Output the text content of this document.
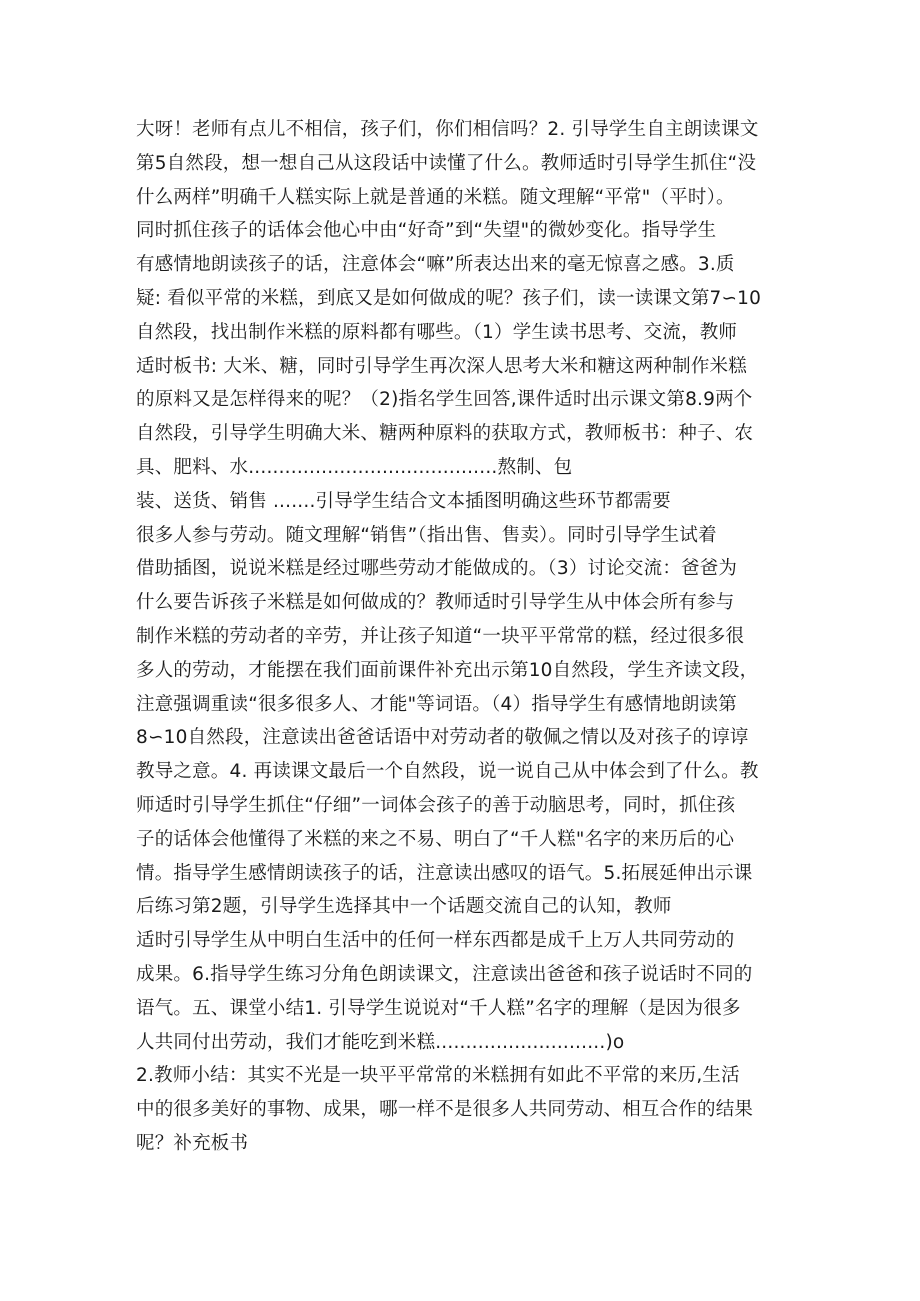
大呀！老师有点儿不相信，孩子们，你们相信吗？2. 引导学生自主朗读课文
第5自然段，想一想自己从这段话中读懂了什么。教师适时引导学生抓住“没
什么两样”明确千人糕实际上就是普通的米糕。随文理解“平常"（平时）。
同时抓住孩子的话体会他心中由“好奇”到“失望"的微妙变化。指导学生
有感情地朗读孩子的话，注意体会“嘛”所表达出来的毫无惊喜之感。3.质
疑: 看似平常的米糕，到底又是如何做成的呢？孩子们，读一读课文第7∽10
自然段，找出制作米糕的原料都有哪些。（1）学生读书思考、交流，教师
适时板书: 大米、糖，同时引导学生再次深人思考大米和糖这两种制作米糕
的原料又是怎样得来的呢？（2)指名学生回答,课件适时出示课文第8.9两个
自然段，引导学生明确大米、糖两种原料的获取方式，教师板书：种子、农
具、肥料、水.........................................熬制、包
装、送货、销售 .......引导学生结合文本插图明确这些环节都需要
很多人参与劳动。随文理解“销售”（指出售、售卖）。同时引导学生试着
借助插图，说说米糕是经过哪些劳动才能做成的。（3）讨论交流：爸爸为
什么要告诉孩子米糕是如何做成的？教师适时引导学生从中体会所有参与
制作米糕的劳动者的辛劳，并让孩子知道“一块平平常常的糕，经过很多很
多人的劳动，才能摆在我们面前课件补充出示第10自然段，学生齐读文段，
注意强调重读“很多很多人、才能"等词语。（4）指导学生有感情地朗读第
8∽10自然段，注意读出爸爸话语中对劳动者的敬佩之情以及对孩子的谆谆
教导之意。4. 再读课文最后一个自然段，说一说自己从中体会到了什么。教
师适时引导学生抓住“仔细”一词体会孩子的善于动脑思考，同时，抓住孩
子的话体会他懂得了米糕的来之不易、明白了“千人糕"名字的来历后的心
情。指导学生感情朗读孩子的话，注意读出感叹的语气。5.拓展延伸出示课
后练习第2题，引导学生选择其中一个话题交流自己的认知，教师
适时引导学生从中明白生活中的任何一样东西都是成千上万人共同劳动的
成果。6.指导学生练习分角色朗读课文，注意读出爸爸和孩子说话时不同的
语气。五、课堂小结1. 引导学生说说对“千人糕”名字的理解（是因为很多
人共同付出劳动，我们才能吃到米糕............................)o
2.教师小结：其实不光是一块平平常常的米糕拥有如此不平常的来历,生活
中的很多美好的事物、成果，哪一样不是很多人共同劳动、相互合作的结果
呢？补充板书
